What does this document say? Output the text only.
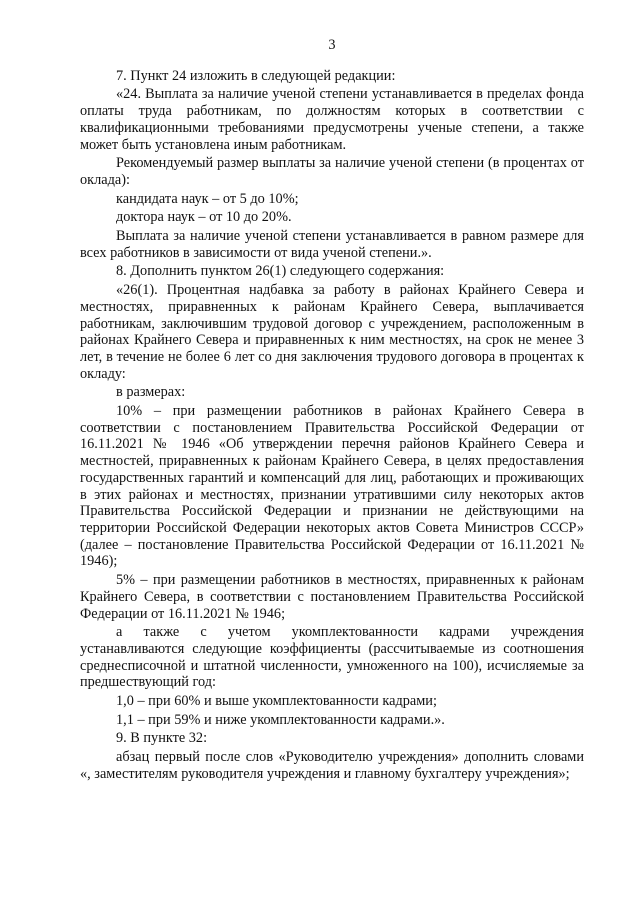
3

7. Пункт 24 изложить в следующей редакции:

«24. Выплата за наличие ученой степени устанавливается в пределах фонда оплаты труда работникам, по должностям которых в соответствии с квалификационными требованиями предусмотрены ученые степени, а также может быть установлена иным работникам.

Рекомендуемый размер выплаты за наличие ученой степени (в процентах от оклада):

кандидата наук – от 5 до 10%;

доктора наук – от 10 до 20%.

Выплата за наличие ученой степени устанавливается в равном размере для всех работников в зависимости от вида ученой степени.».

8. Дополнить пунктом 26(1) следующего содержания:

«26(1). Процентная надбавка за работу в районах Крайнего Севера и местностях, приравненных к районам Крайнего Севера, выплачивается работникам, заключившим трудовой договор с учреждением, расположенным в районах Крайнего Севера и приравненных к ним местностях, на срок не менее 3 лет, в течение не более 6 лет со дня заключения трудового договора в процентах к окладу:

в размерах:

10% – при размещении работников в районах Крайнего Севера в соответствии с постановлением Правительства Российской Федерации от 16.11.2021 № 1946 «Об утверждении перечня районов Крайнего Севера и местностей, приравненных к районам Крайнего Севера, в целях предоставления государственных гарантий и компенсаций для лиц, работающих и проживающих в этих районах и местностях, признании утратившими силу некоторых актов Правительства Российской Федерации и признании не действующими на территории Российской Федерации некоторых актов Совета Министров СССР» (далее – постановление Правительства Российской Федерации от 16.11.2021 № 1946);

5% – при размещении работников в местностях, приравненных к районам Крайнего Севера, в соответствии с постановлением Правительства Российской Федерации от 16.11.2021 № 1946;

а также с учетом укомплектованности кадрами учреждения устанавливаются следующие коэффициенты (рассчитываемые из соотношения среднесписочной и штатной численности, умноженного на 100), исчисляемые за предшествующий год:

1,0 – при 60% и выше укомплектованности кадрами;

1,1 – при 59% и ниже укомплектованности кадрами.».

9. В пункте 32:

абзац первый после слов «Руководителю учреждения» дополнить словами «, заместителям руководителя учреждения и главному бухгалтеру учреждения»;
